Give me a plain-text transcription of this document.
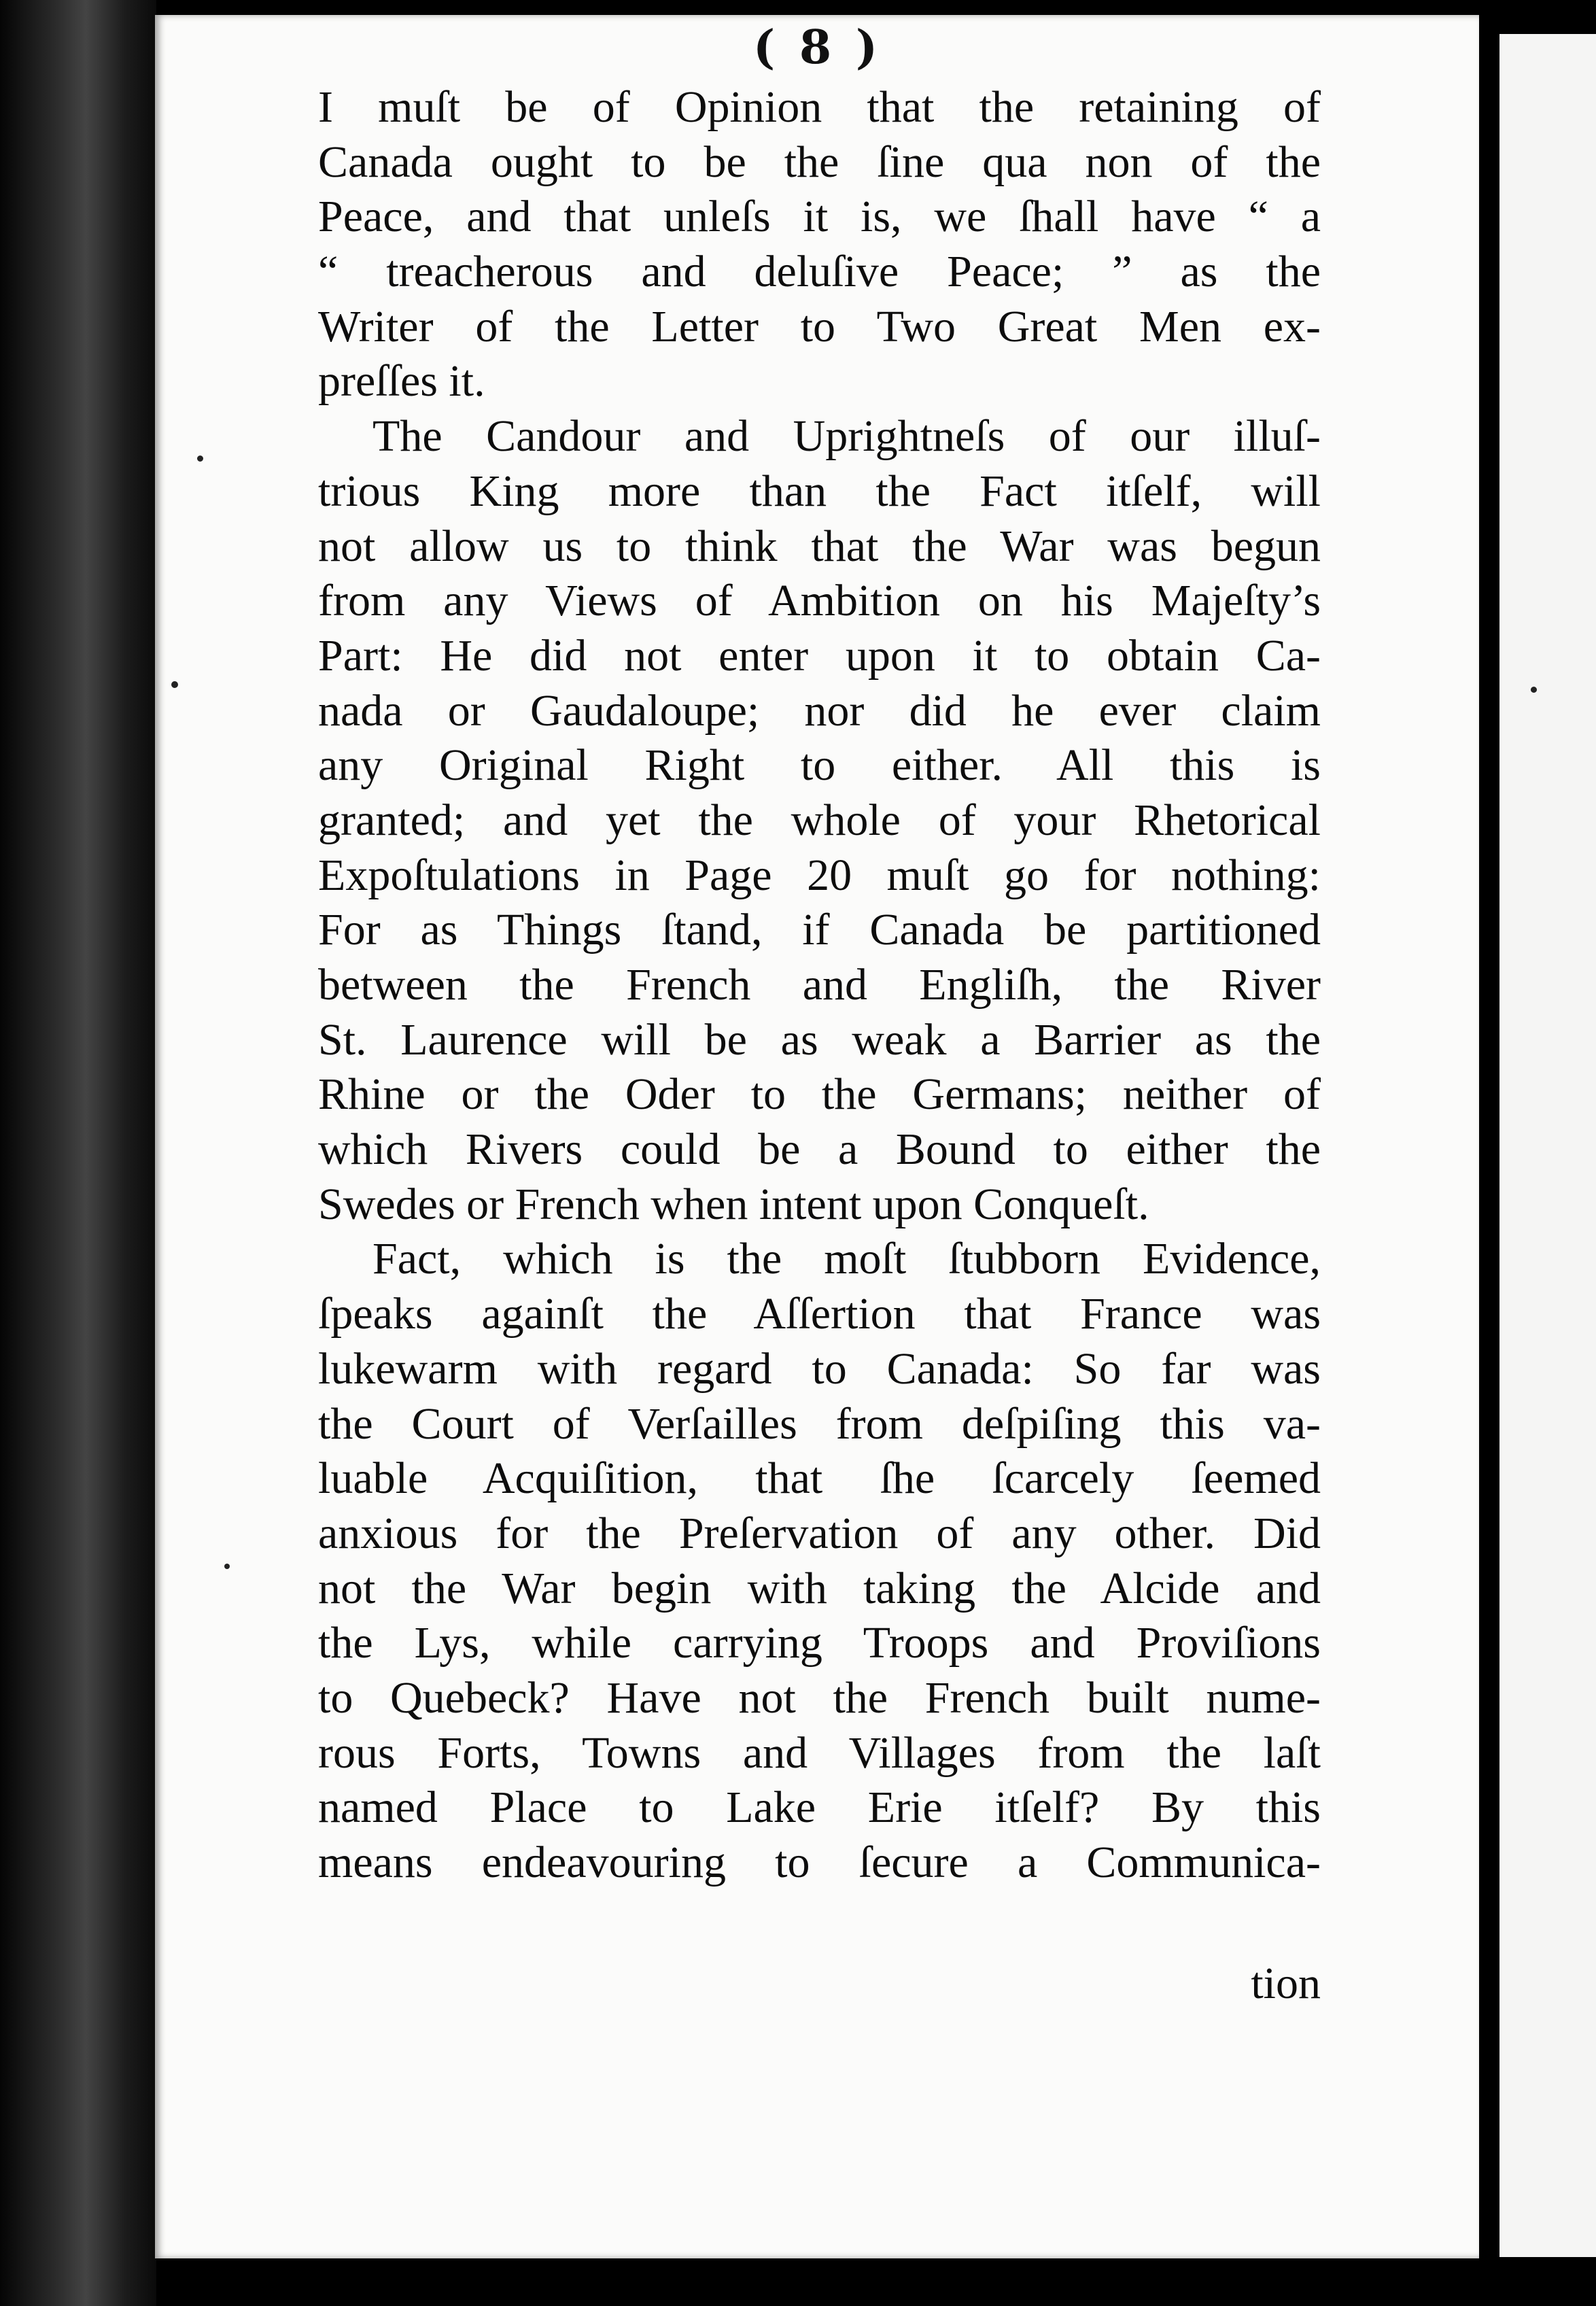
( 8 )
I muſt be of Opinion that the retaining of
Canada ought to be the ſine qua non of the
Peace, and that unleſs it is, we ſhall have “ a
“ treacherous and deluſive Peace; ” as the
Writer of the Letter to Two Great Men ex-
preſſes it.
The Candour and Uprightneſs of our illuſ-
trious King more than the Fact itſelf, will
not allow us to think that the War was begun
from any Views of Ambition on his Majeſty’s
Part: He did not enter upon it to obtain Ca-
nada or Gaudaloupe; nor did he ever claim
any Original Right to either. All this is
granted; and yet the whole of your Rhetorical
Expoſtulations in Page 20 muſt go for nothing:
For as Things ſtand, if Canada be partitioned
between the French and Engliſh, the River
St. Laurence will be as weak a Barrier as the
Rhine or the Oder to the Germans; neither of
which Rivers could be a Bound to either the
Swedes or French when intent upon Conqueſt.
Fact, which is the moſt ſtubborn Evidence,
ſpeaks againſt the Aſſertion that France was
lukewarm with regard to Canada: So far was
the Court of Verſailles from deſpiſing this va-
luable Acquiſition, that ſhe ſcarcely ſeemed
anxious for the Preſervation of any other. Did
not the War begin with taking the Alcide and
the Lys, while carrying Troops and Proviſions
to Quebeck? Have not the French built nume-
rous Forts, Towns and Villages from the laſt
named Place to Lake Erie itſelf? By this
means endeavouring to ſecure a Communica-
tion
